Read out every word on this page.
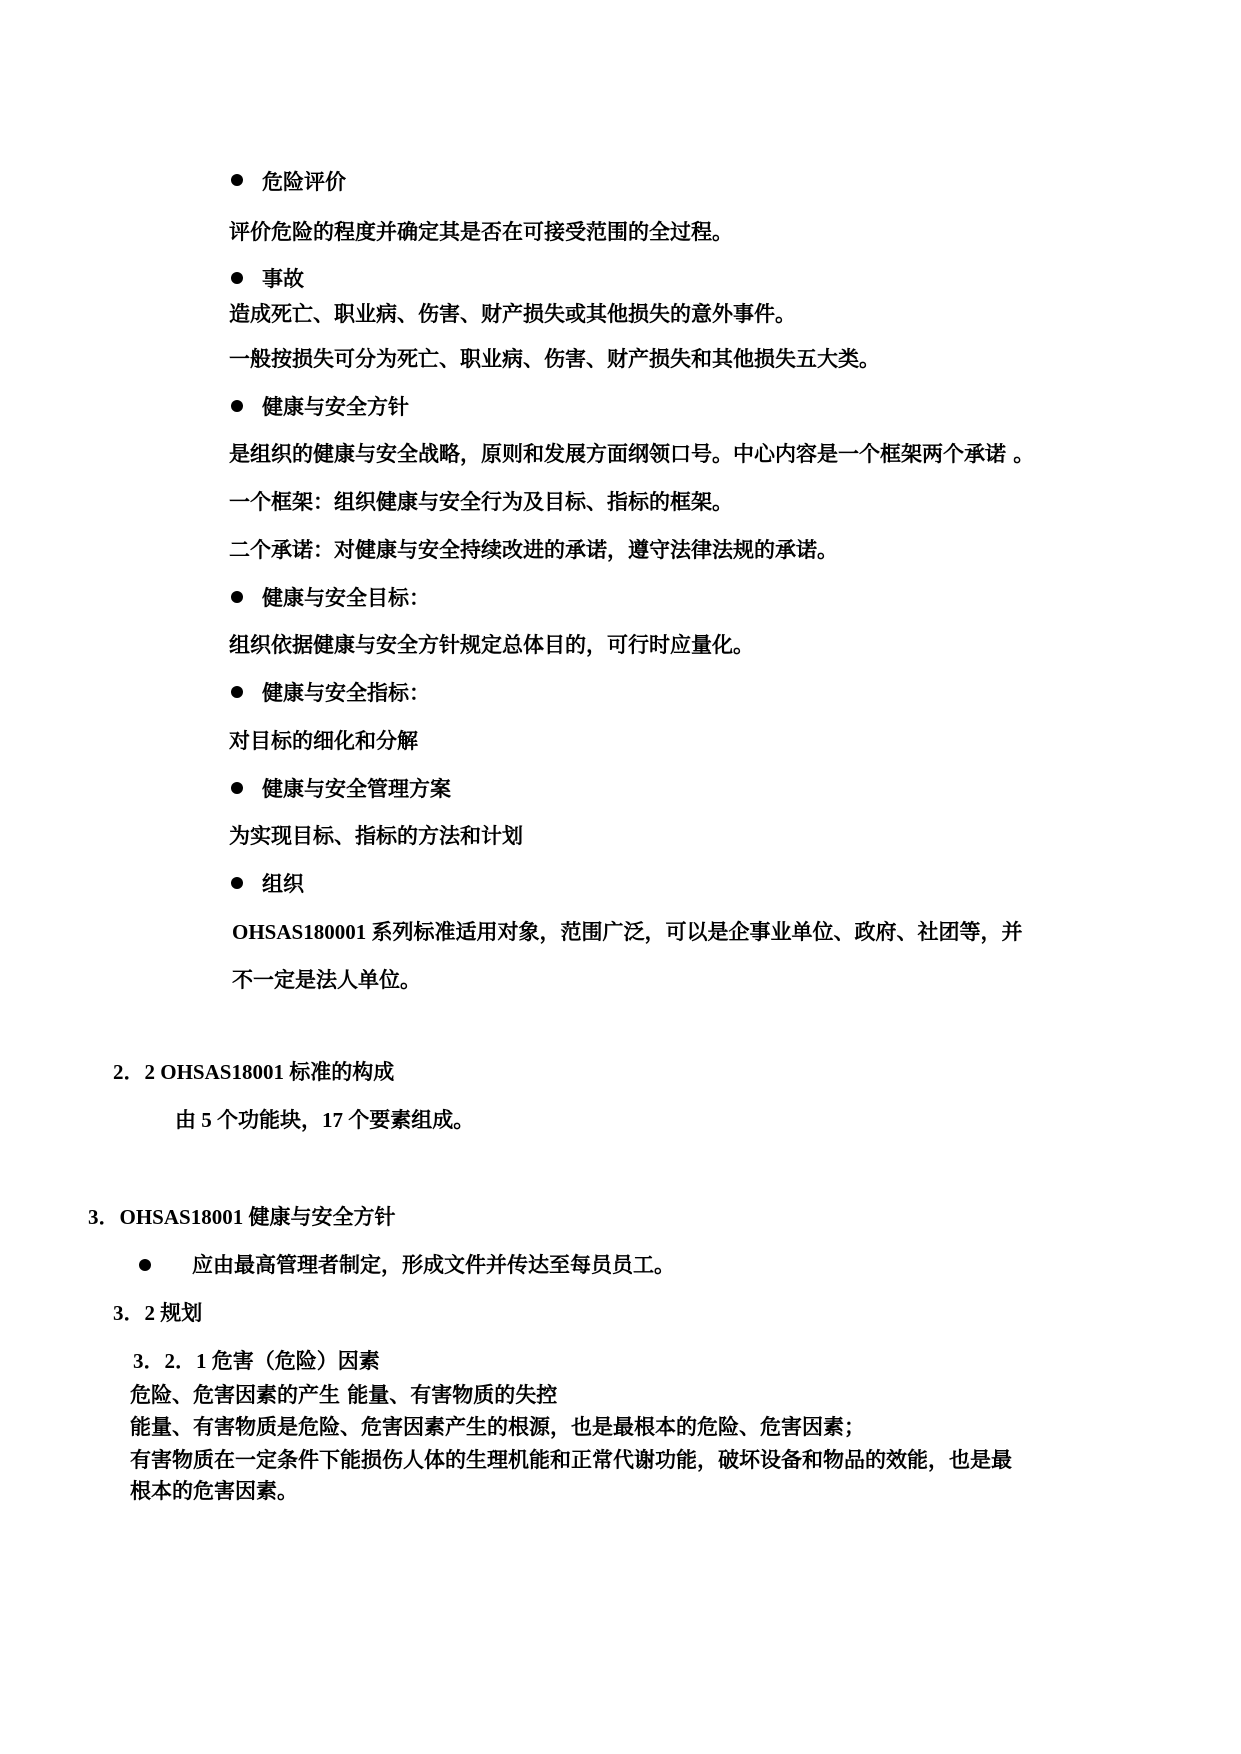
危险评价
评价危险的程度并确定其是否在可接受范围的全过程。
事故
造成死亡、职业病、伤害、财产损失或其他损失的意外事件。
一般按损失可分为死亡、职业病、伤害、财产损失和其他损失五大类。
健康与安全方针
是组织的健康与安全战略，原则和发展方面纲领口号。中心内容是一个框架两个承诺 。
一个框架：组织健康与安全行为及目标、指标的框架。
二个承诺：对健康与安全持续改进的承诺，遵守法律法规的承诺。
健康与安全目标：
组织依据健康与安全方针规定总体目的，可行时应量化。
健康与安全指标：
对目标的细化和分解
健康与安全管理方案
为实现目标、指标的方法和计划
组织
OHSAS180001 系列标准适用对象，范围广泛，可以是企事业单位、政府、社团等，并
不一定是法人单位。
2．2 OHSAS18001 标准的构成
由 5 个功能块，17 个要素组成。
3．OHSAS18001 健康与安全方针
应由最高管理者制定，形成文件并传达至每员员工。
3．2 规划
3．2．1 危害（危险）因素
危险、危害因素的产生 能量、有害物质的失控
能量、有害物质是危险、危害因素产生的根源，也是最根本的危险、危害因素；
有害物质在一定条件下能损伤人体的生理机能和正常代谢功能，破坏设备和物品的效能，也是最
根本的危害因素。
